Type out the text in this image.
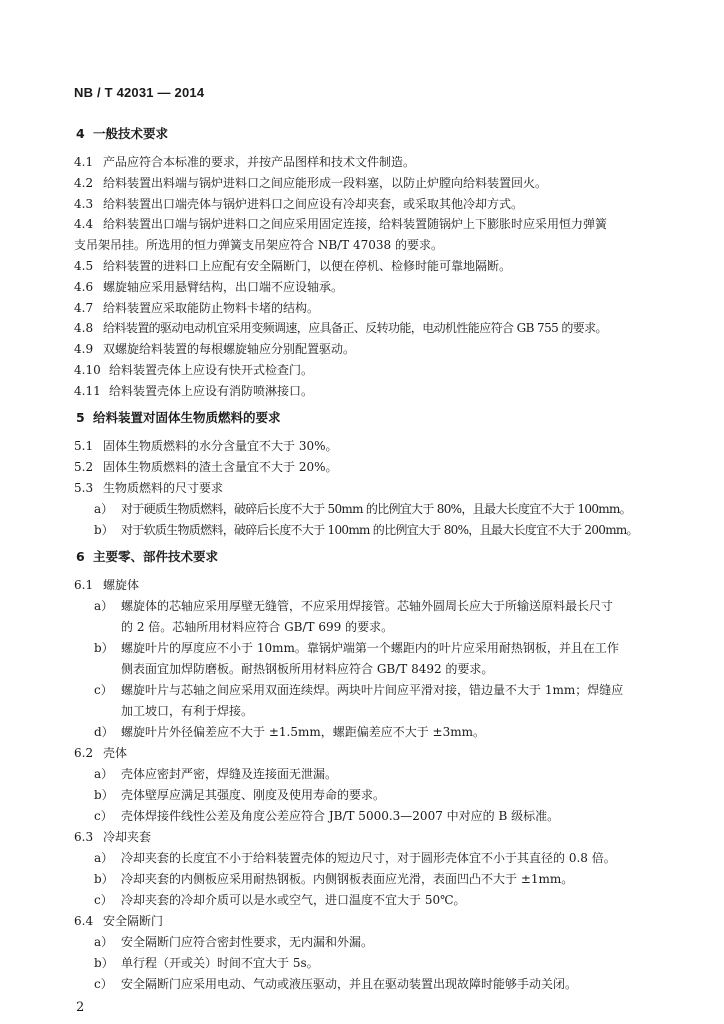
NB / T 42031 — 2014
4 一般技术要求
4.1 产品应符合本标准的要求，并按产品图样和技术文件制造。
4.2 给料装置出料端与锅炉进料口之间应能形成一段料塞，以防止炉膛向给料装置回火。
4.3 给料装置出口端壳体与锅炉进料口之间应设有冷却夹套，或采取其他冷却方式。
4.4 给料装置出口端与锅炉进料口之间应采用固定连接，给料装置随锅炉上下膨胀时应采用恒力弹簧
支吊架吊挂。所选用的恒力弹簧支吊架应符合 NB/T 47038 的要求。
4.5 给料装置的进料口上应配有安全隔断门，以便在停机、检修时能可靠地隔断。
4.6 螺旋轴应采用悬臂结构，出口端不应设轴承。
4.7 给料装置应采取能防止物料卡堵的结构。
4.8 给料装置的驱动电动机宜采用变频调速，应具备正、反转功能，电动机性能应符合 GB 755 的要求。
4.9 双螺旋给料装置的每根螺旋轴应分别配置驱动。
4.10 给料装置壳体上应设有快开式检查门。
4.11 给料装置壳体上应设有消防喷淋接口。
5 给料装置对固体生物质燃料的要求
5.1 固体生物质燃料的水分含量宜不大于 30%。
5.2 固体生物质燃料的渣土含量宜不大于 20%。
5.3 生物质燃料的尺寸要求
a） 对于硬质生物质燃料，破碎后长度不大于 50mm 的比例宜大于 80%，且最大长度宜不大于 100mm。
b） 对于软质生物质燃料，破碎后长度不大于 100mm 的比例宜大于 80%，且最大长度宜不大于 200mm。
6 主要零、部件技术要求
6.1 螺旋体
a） 螺旋体的芯轴应采用厚壁无缝管，不应采用焊接管。芯轴外圆周长应大于所输送原料最长尺寸
的 2 倍。芯轴所用材料应符合 GB/T 699 的要求。
b） 螺旋叶片的厚度应不小于 10mm。靠锅炉端第一个螺距内的叶片应采用耐热钢板，并且在工作
侧表面宜加焊防磨板。耐热钢板所用材料应符合 GB/T 8492 的要求。
c） 螺旋叶片与芯轴之间应采用双面连续焊。两块叶片间应平滑对接，错边量不大于 1mm；焊缝应
加工坡口，有利于焊接。
d） 螺旋叶片外径偏差应不大于 ±1.5mm，螺距偏差应不大于 ±3mm。
6.2 壳体
a） 壳体应密封严密，焊缝及连接面无泄漏。
b） 壳体壁厚应满足其强度、刚度及使用寿命的要求。
c） 壳体焊接件线性公差及角度公差应符合 JB/T 5000.3—2007 中对应的 B 级标准。
6.3 冷却夹套
a） 冷却夹套的长度宜不小于给料装置壳体的短边尺寸，对于圆形壳体宜不小于其直径的 0.8 倍。
b） 冷却夹套的内侧板应采用耐热钢板。内侧钢板表面应光滑，表面凹凸不大于 ±1mm。
c） 冷却夹套的冷却介质可以是水或空气，进口温度不宜大于 50℃。
6.4 安全隔断门
a） 安全隔断门应符合密封性要求，无内漏和外漏。
b） 单行程（开或关）时间不宜大于 5s。
c） 安全隔断门应采用电动、气动或液压驱动，并且在驱动装置出现故障时能够手动关闭。
2
